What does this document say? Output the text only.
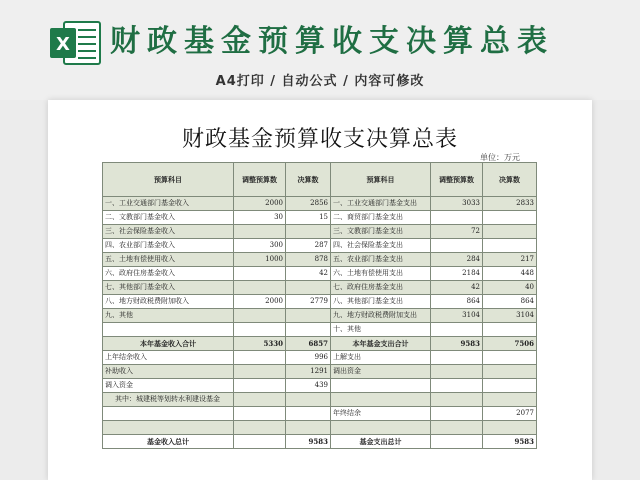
X 财政基金预算收支决算总表
A4打印 / 自动公式 / 内容可修改
财政基金预算收支决算总表
单位：万元
预算科目	调整预算数	决算数	预算科目	调整预算数	决算数
一、工业交通部门基金收入	2000	2856	一、工业交通部门基金支出	3033	2833
二、文教部门基金收入	30	15	二、商贸部门基金支出		
三、社会保险基金收入			三、文教部门基金支出	72	
四、农业部门基金收入	300	287	四、社会保险基金支出		
五、土地有偿使用收入	1000	878	五、农业部门基金支出	284	217
六、政府住房基金收入		42	六、土地有偿使用支出	2184	448
七、其他部门基金收入			七、政府住房基金支出	42	40
八、地方财政税费附加收入	2000	2779	八、其他部门基金支出	864	864
九、其他			九、地方财政税费附加支出	3104	3104
			十、其他		
本年基金收入合计	5330	6857	本年基金支出合计	9583	7506
上年结余收入		996	上解支出		
补助收入		1291	调出资金		
调入资金		439			
其中：城建税等划转水利建设基金					
			年终结余		2077

基金收入总计		9583	基金支出总计		9583
